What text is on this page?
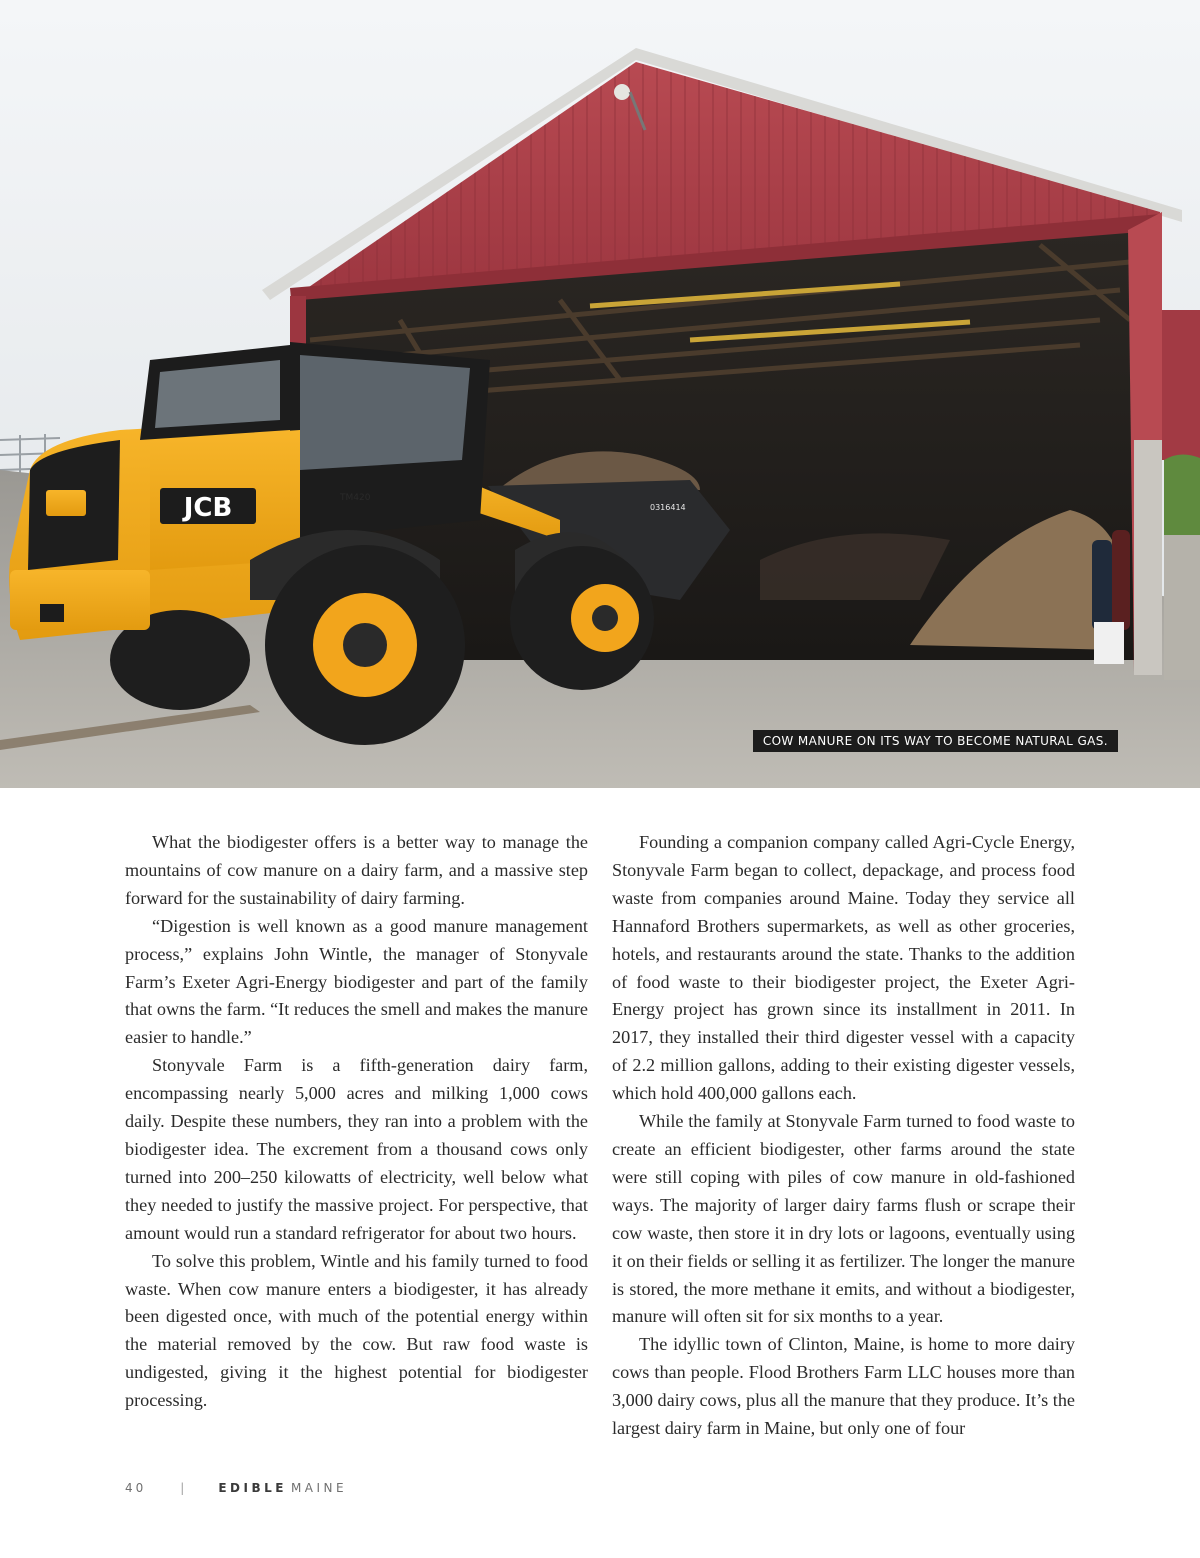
0316414
JCB	TM420
COW MANURE ON ITS WAY TO BECOME NATURAL GAS.

What the biodigester offers is a better way to manage the mountains of cow manure on a dairy farm, and a massive step forward for the sustainability of dairy farming.

“Digestion is well known as a good manure management process,” explains John Wintle, the manager of Stonyvale Farm’s Exeter Agri-Energy biodigester and part of the family that owns the farm. “It reduces the smell and makes the manure easier to handle.”

Stonyvale Farm is a fifth-generation dairy farm, encompassing nearly 5,000 acres and milking 1,000 cows daily. Despite these numbers, they ran into a problem with the biodigester idea. The excrement from a thousand cows only turned into 200–250 kilowatts of electricity, well below what they needed to justify the massive project. For perspective, that amount would run a standard refrigerator for about two hours.

To solve this problem, Wintle and his family turned to food waste. When cow manure enters a biodigester, it has already been digested once, with much of the potential energy within the material removed by the cow. But raw food waste is undigested, giving it the highest potential for biodigester processing.

Founding a companion company called Agri-Cycle Energy, Stonyvale Farm began to collect, depackage, and process food waste from companies around Maine. Today they service all Hannaford Brothers supermarkets, as well as other groceries, hotels, and restaurants around the state. Thanks to the addition of food waste to their biodigester project, the Exeter Agri-Energy project has grown since its installment in 2011. In 2017, they installed their third digester vessel with a capacity of 2.2 million gallons, adding to their existing digester vessels, which hold 400,000 gallons each.

While the family at Stonyvale Farm turned to food waste to create an efficient biodigester, other farms around the state were still coping with piles of cow manure in old-fashioned ways. The majority of larger dairy farms flush or scrape their cow waste, then store it in dry lots or lagoons, eventually using it on their fields or selling it as fertilizer. The longer the manure is stored, the more methane it emits, and without a biodigester, manure will often sit for six months to a year.

The idyllic town of Clinton, Maine, is home to more dairy cows than people. Flood Brothers Farm LLC houses more than 3,000 dairy cows, plus all the manure that they produce. It’s the largest dairy farm in Maine, but only one of four

40	|	EDIBLE MAINE
